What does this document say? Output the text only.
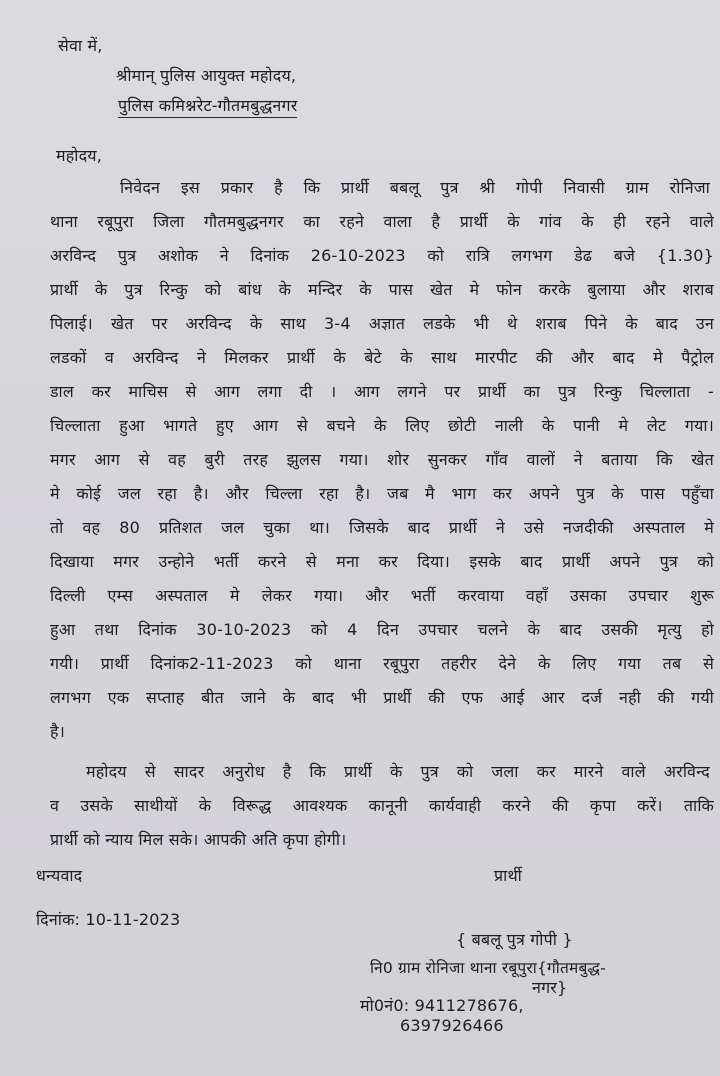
सेवा में,
श्रीमान् पुलिस आयुक्त महोदय,
पुलिस कमिश्नरेट-गौतमबुद्धनगर
महोदय,
निवेदन इस प्रकार है कि प्रार्थी बबलू पुत्र श्री गोपी निवासी ग्राम रोनिजा
थाना रबूपुरा जिला गौतमबुद्धनगर का रहने वाला है प्रार्थी के गांव के ही रहने वाले
अरविन्द पुत्र अशोक ने दिनांक 26-10-2023 को रात्रि लगभग डेढ बजे {1.30}
प्रार्थी के पुत्र रिन्कु को बांध के मन्दिर के पास खेत मे फोन करके बुलाया और शराब
पिलाई। खेत पर अरविन्द के साथ 3-4 अज्ञात लडके भी थे शराब पिने के बाद उन
लडकों व अरविन्द ने मिलकर प्रार्थी के बेटे के साथ मारपीट की और बाद मे पैट्रोल
डाल कर माचिस से आग लगा दी । आग लगने पर प्रार्थी का पुत्र रिन्कु चिल्लाता -
चिल्लाता हुआ भागते हुए आग से बचने के लिए छोटी नाली के पानी मे लेट गया।
मगर आग से वह बुरी तरह झुलस गया। शोर सुनकर गाँव वालों ने बताया कि खेत
मे कोई जल रहा है। और चिल्ला रहा है। जब मै भाग कर अपने पुत्र के पास पहुँचा
तो वह 80 प्रतिशत जल चुका था। जिसके बाद प्रार्थी ने उसे नजदीकी अस्पताल मे
दिखाया मगर उन्होने भर्ती करने से मना कर दिया। इसके बाद प्रार्थी अपने पुत्र को
दिल्ली एम्स अस्पताल मे लेकर गया। और भर्ती करवाया वहाँ उसका उपचार शुरू
हुआ तथा दिनांक 30-10-2023 को 4 दिन उपचार चलने के बाद उसकी मृत्यु हो
गयी। प्रार्थी दिनांक2-11-2023 को थाना रबूपुरा तहरीर देने के लिए गया तब से
लगभग एक सप्ताह बीत जाने के बाद भी प्रार्थी की एफ आई आर दर्ज नही की गयी
है।
महोदय से सादर अनुरोध है कि प्रार्थी के पुत्र को जला कर मारने वाले अरविन्द
व उसके साथीयों के विरूद्ध आवश्यक कानूनी कार्यवाही करने की कृपा करें। ताकि
प्रार्थी को न्याय मिल सके। आपकी अति कृपा होगी।
धन्यवाद	प्रार्थी
दिनांक: 10-11-2023
{ बबलू पुत्र गोपी }
नि0 ग्राम रोनिजा थाना रबूपुरा{गौतमबुद्ध-
नगर}
मो0नं0: 9411278676,
6397926466
